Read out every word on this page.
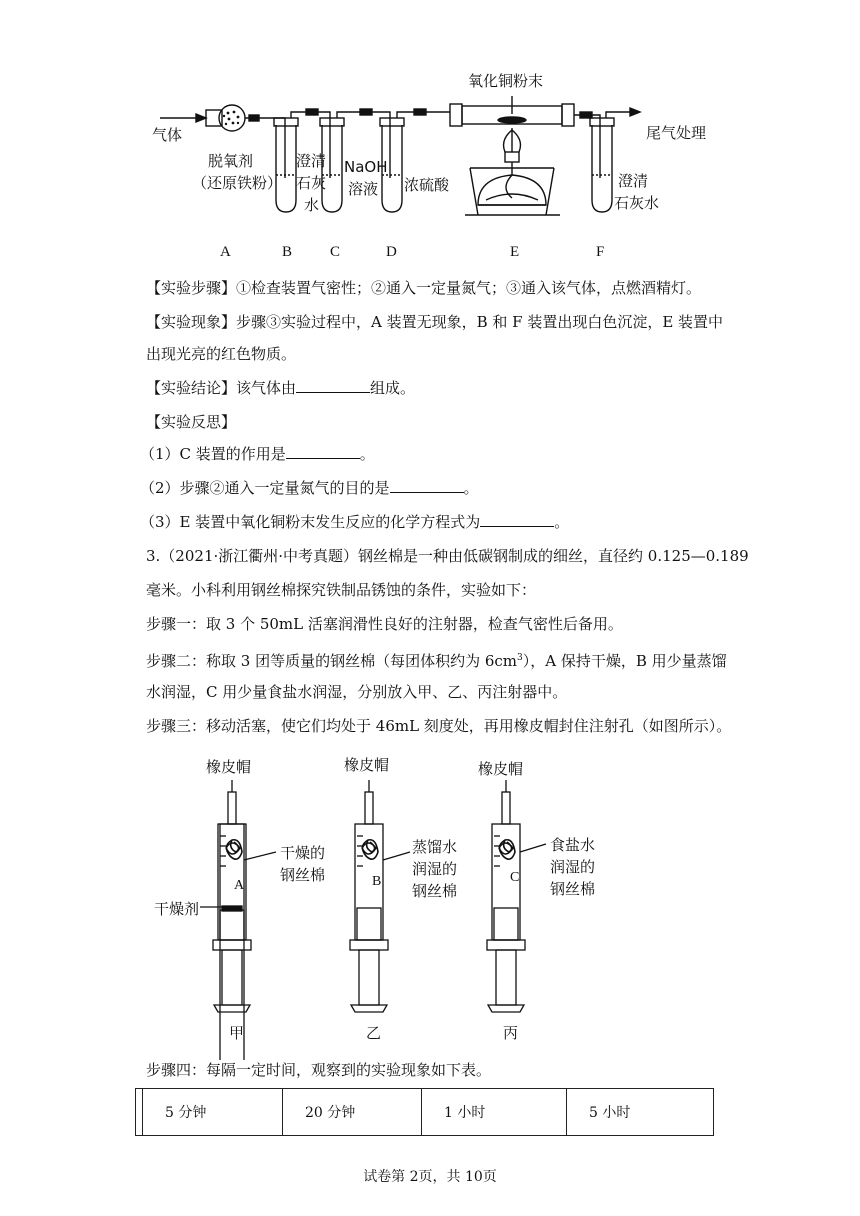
氧化铜粉末
气体	尾气处理
脱氧剂
（还原铁粉）
澄清
石灰
水
NaOH
溶液 浓硫酸	澄清
石灰水
A	B	C	D	E	F
【实验步骤】①检查装置气密性；②通入一定量氮气；③通入该气体，点燃酒精灯。
【实验现象】步骤③实验过程中，A 装置无现象，B 和 F 装置出现白色沉淀，E 装置中
出现光亮的红色物质。
【实验结论】该气体由	组成。
【实验反思】
（1）C 装置的作用是	。
（2）步骤②通入一定量氮气的目的是	。
（3）E 装置中氧化铜粉末发生反应的化学方程式为	。
3.（2021·浙江衢州·中考真题）钢丝棉是一种由低碳钢制成的细丝，直径约 0.125—0.189
毫米。小科利用钢丝棉探究铁制品锈蚀的条件，实验如下：
步骤一：取 3 个 50mL 活塞润滑性良好的注射器，检查气密性后备用。
步骤二：称取 3 团等质量的钢丝棉（每团体积约为 $6cm^3$），A 保持干燥，B 用少量蒸馏
水润湿，C 用少量食盐水润湿，分别放入甲、乙、丙注射器中。
步骤三：移动活塞，使它们均处于 46mL 刻度处，再用橡皮帽封住注射孔（如图所示）。
橡皮帽	橡皮帽	橡皮帽
干燥的
钢丝棉
干燥剂
蒸馏水
润湿的
钢丝棉
食盐水
润湿的
钢丝棉
A	B	C
甲	乙	丙
步骤四：每隔一定时间，观察到的实验现象如下表。
	5 分钟	20 分钟	1 小时	5 小时
试卷第 2页，共 10页
